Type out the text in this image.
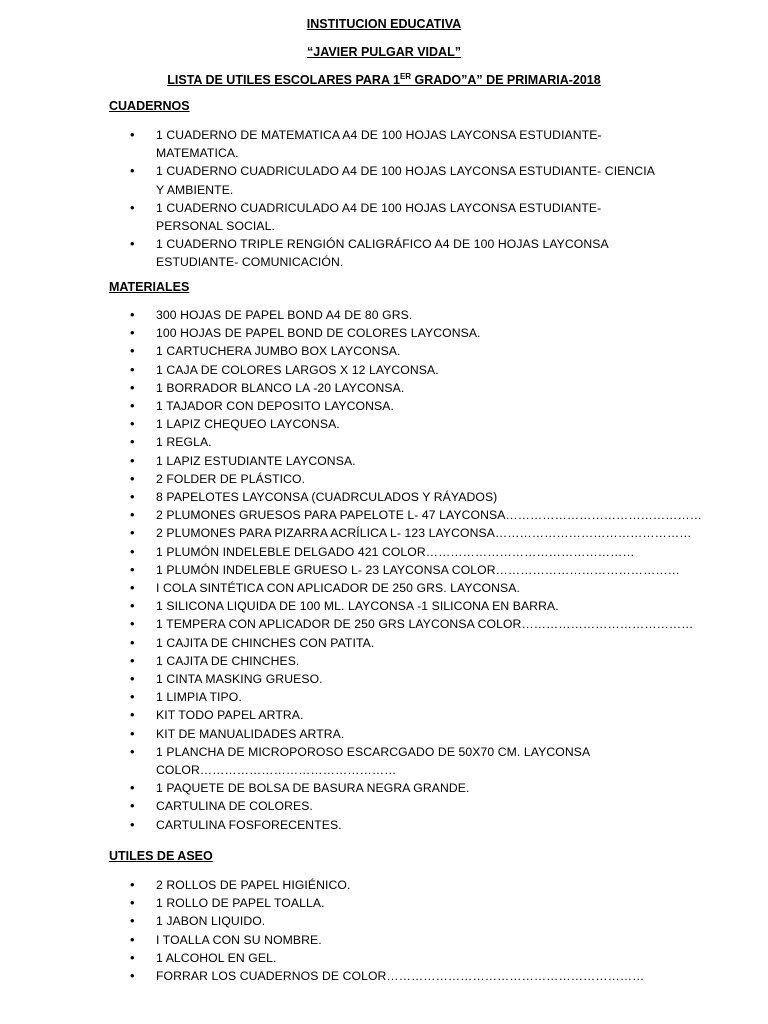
INSTITUCION EDUCATIVA
“JAVIER PULGAR VIDAL”
LISTA DE UTILES ESCOLARES PARA 1ER GRADO”A” DE PRIMARIA-2018
CUADERNOS
• 1 CUADERNO DE MATEMATICA A4 DE 100 HOJAS LAYCONSA ESTUDIANTE-MATEMATICA.
• 1 CUADERNO CUADRICULADO A4 DE 100 HOJAS LAYCONSA ESTUDIANTE- CIENCIA Y AMBIENTE.
• 1 CUADERNO CUADRICULADO A4 DE 100 HOJAS LAYCONSA ESTUDIANTE- PERSONAL SOCIAL.
• 1 CUADERNO TRIPLE RENGIÓN CALIGRÁFICO A4 DE 100 HOJAS LAYCONSA ESTUDIANTE- COMUNICACIÓN.
MATERIALES
• 300 HOJAS DE PAPEL BOND A4 DE 80 GRS.
• 100 HOJAS DE PAPEL BOND DE COLORES LAYCONSA.
• 1 CARTUCHERA JUMBO BOX LAYCONSA.
• 1 CAJA DE COLORES LARGOS X 12 LAYCONSA.
• 1 BORRADOR BLANCO LA -20 LAYCONSA.
• 1 TAJADOR CON DEPOSITO LAYCONSA.
• 1 LAPIZ CHEQUEO LAYCONSA.
• 1 REGLA.
• 1 LAPIZ ESTUDIANTE LAYCONSA.
• 2 FOLDER DE PLÁSTICO.
• 8 PAPELOTES LAYCONSA (CUADRCULADOS Y RÁYADOS)
• 2 PLUMONES GRUESOS PARA PAPELOTE L- 47 LAYCONSA…………………………………………
• 2 PLUMONES PARA PIZARRA ACRÍLICA L- 123 LAYCONSA…………………………………………
• 1 PLUMÓN INDELEBLE DELGADO 421 COLOR……………………………………………
• 1 PLUMÓN INDELEBLE GRUESO L- 23 LAYCONSA COLOR………………………………………
• I COLA SINTÉTICA CON APLICADOR DE 250 GRS. LAYCONSA.
• 1 SILICONA LIQUIDA DE 100 ML. LAYCONSA -1 SILICONA EN BARRA.
• 1 TEMPERA CON APLICADOR DE 250 GRS LAYCONSA COLOR……………………………………
• 1 CAJITA DE CHINCHES CON PATITA.
• 1 CAJITA DE CHINCHES.
• 1 CINTA MASKING GRUESO.
• 1 LIMPIA TIPO.
• KIT TODO PAPEL ARTRA.
• KIT DE MANUALIDADES ARTRA.
• 1 PLANCHA DE MICROPOROSO ESCARCGADO DE 50X70 CM. LAYCONSA COLOR…………………………………………
• 1 PAQUETE DE BOLSA DE BASURA NEGRA GRANDE.
• CARTULINA DE COLORES.
• CARTULINA FOSFORECENTES.
UTILES DE ASEO
• 2 ROLLOS DE PAPEL HIGIÉNICO.
• 1 ROLLO DE PAPEL TOALLA.
• 1 JABON LIQUIDO.
• I TOALLA CON SU NOMBRE.
• 1 ALCOHOL EN GEL.
• FORRAR LOS CUADERNOS DE COLOR………………………………………………………
